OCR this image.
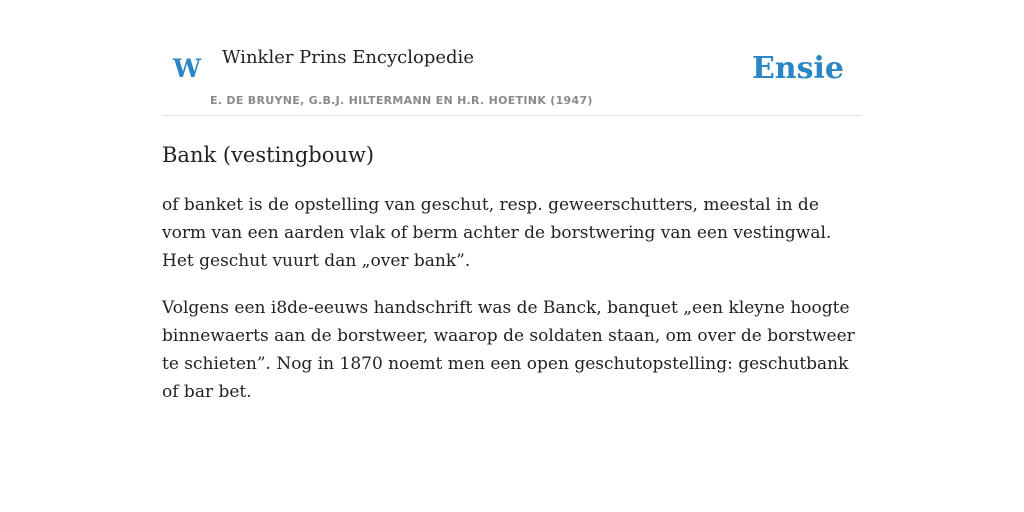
W Winkler Prins Encyclopedie
E. DE BRUYNE, G.B.J. HILTERMANN EN H.R. HOETINK (1947)
Ensie
Bank (vestingbouw)

of banket is de opstelling van geschut, resp. geweerschutters, meestal in de vorm van een aarden vlak of berm achter de borstwering van een vestingwal. Het geschut vuurt dan „over bank”.

Volgens een i8de-eeuws handschrift was de Banck, banquet „een kleyne hoogte binnewaerts aan de borstweer, waarop de soldaten staan, om over de borstweer te schieten”. Nog in 1870 noemt men een open geschutopstelling: geschutbank of bar bet.
